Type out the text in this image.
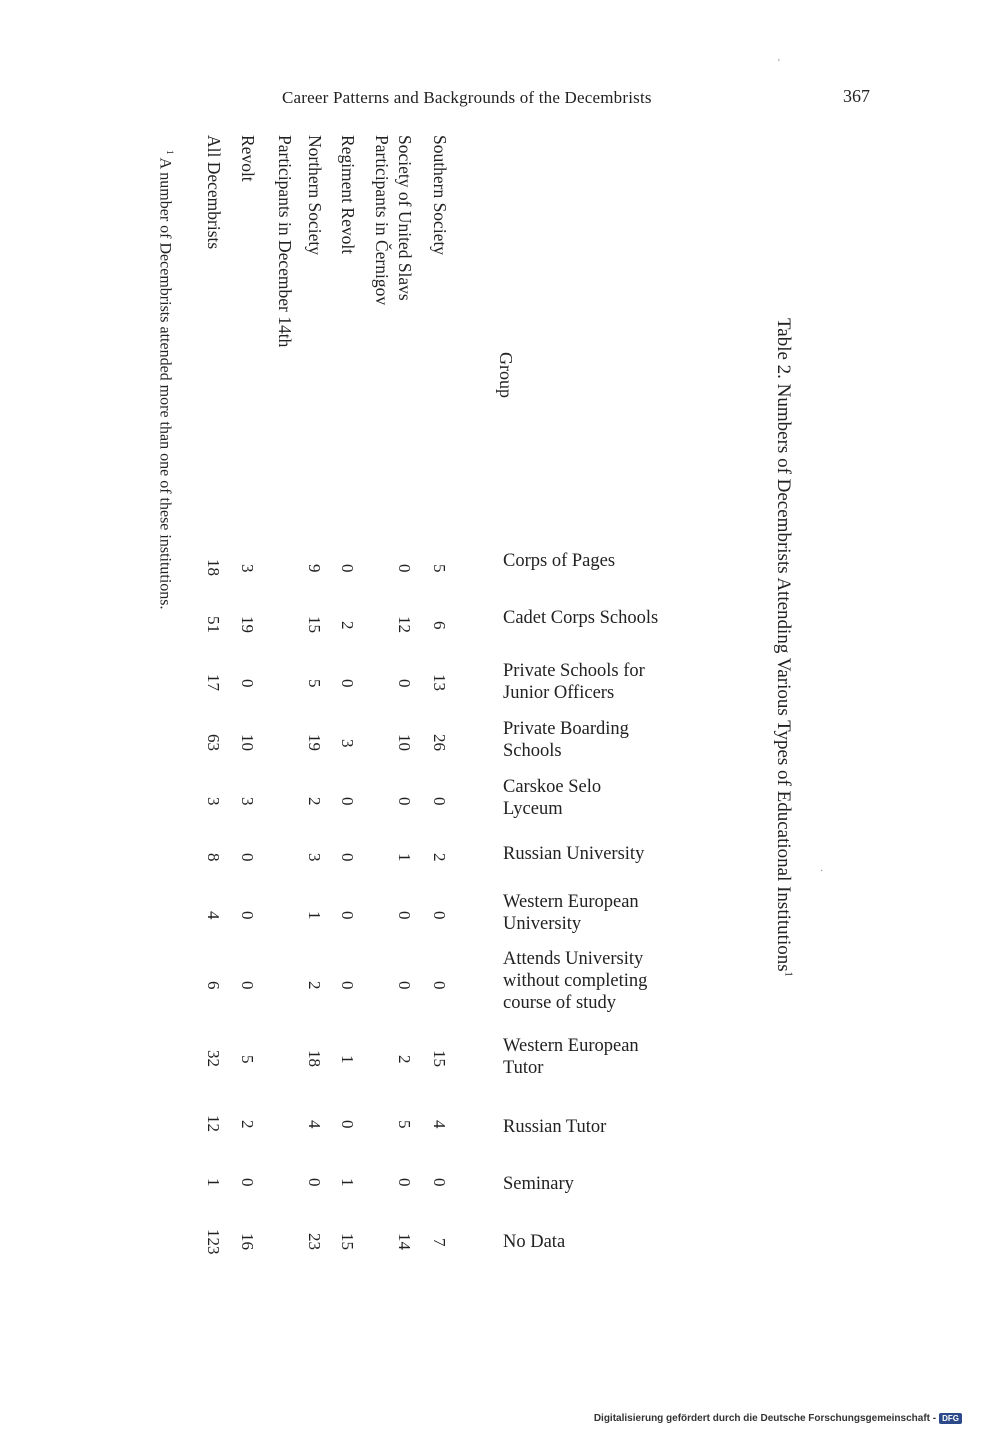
Career Patterns and Backgrounds of the Decembrists	367
Table 2. Numbers of Decembrists Attending Various Types of Educational Institutions$^1$
Group
Southern Society
Society of United Slavs
Participants in Černigov
Regiment Revolt
Northern Society
Participants in December 14th
Revolt
All Decembrists
Corps of Pages
Cadet Corps Schools
Private Schools for
Junior Officers
Private Boarding
Schools
Carskoe Selo
Lyceum
Russian University
Western European
University
Attends University
without completing
course of study
Western European
Tutor
Russian Tutor
Seminary
No Data
5
6
13
26
0
2
0
0
15
4
0
7
0
12
0
10
0
1
0
0
2
5
0
14
0
2
0
3
0
0
0
0
1
0
1
15
9
15
5
19
2
3
1
2
18
4
0
23
3
19
0
10
3
0
0
0
5
2
0
16
18
51
17
63
3
8
4
6
32
12
1
123
$^1$ A number of Decembrists attended more than one of these institutions.
Digitalisierung gefördert durch die Deutsche Forschungsgemeinschaft - DFG
'
·
